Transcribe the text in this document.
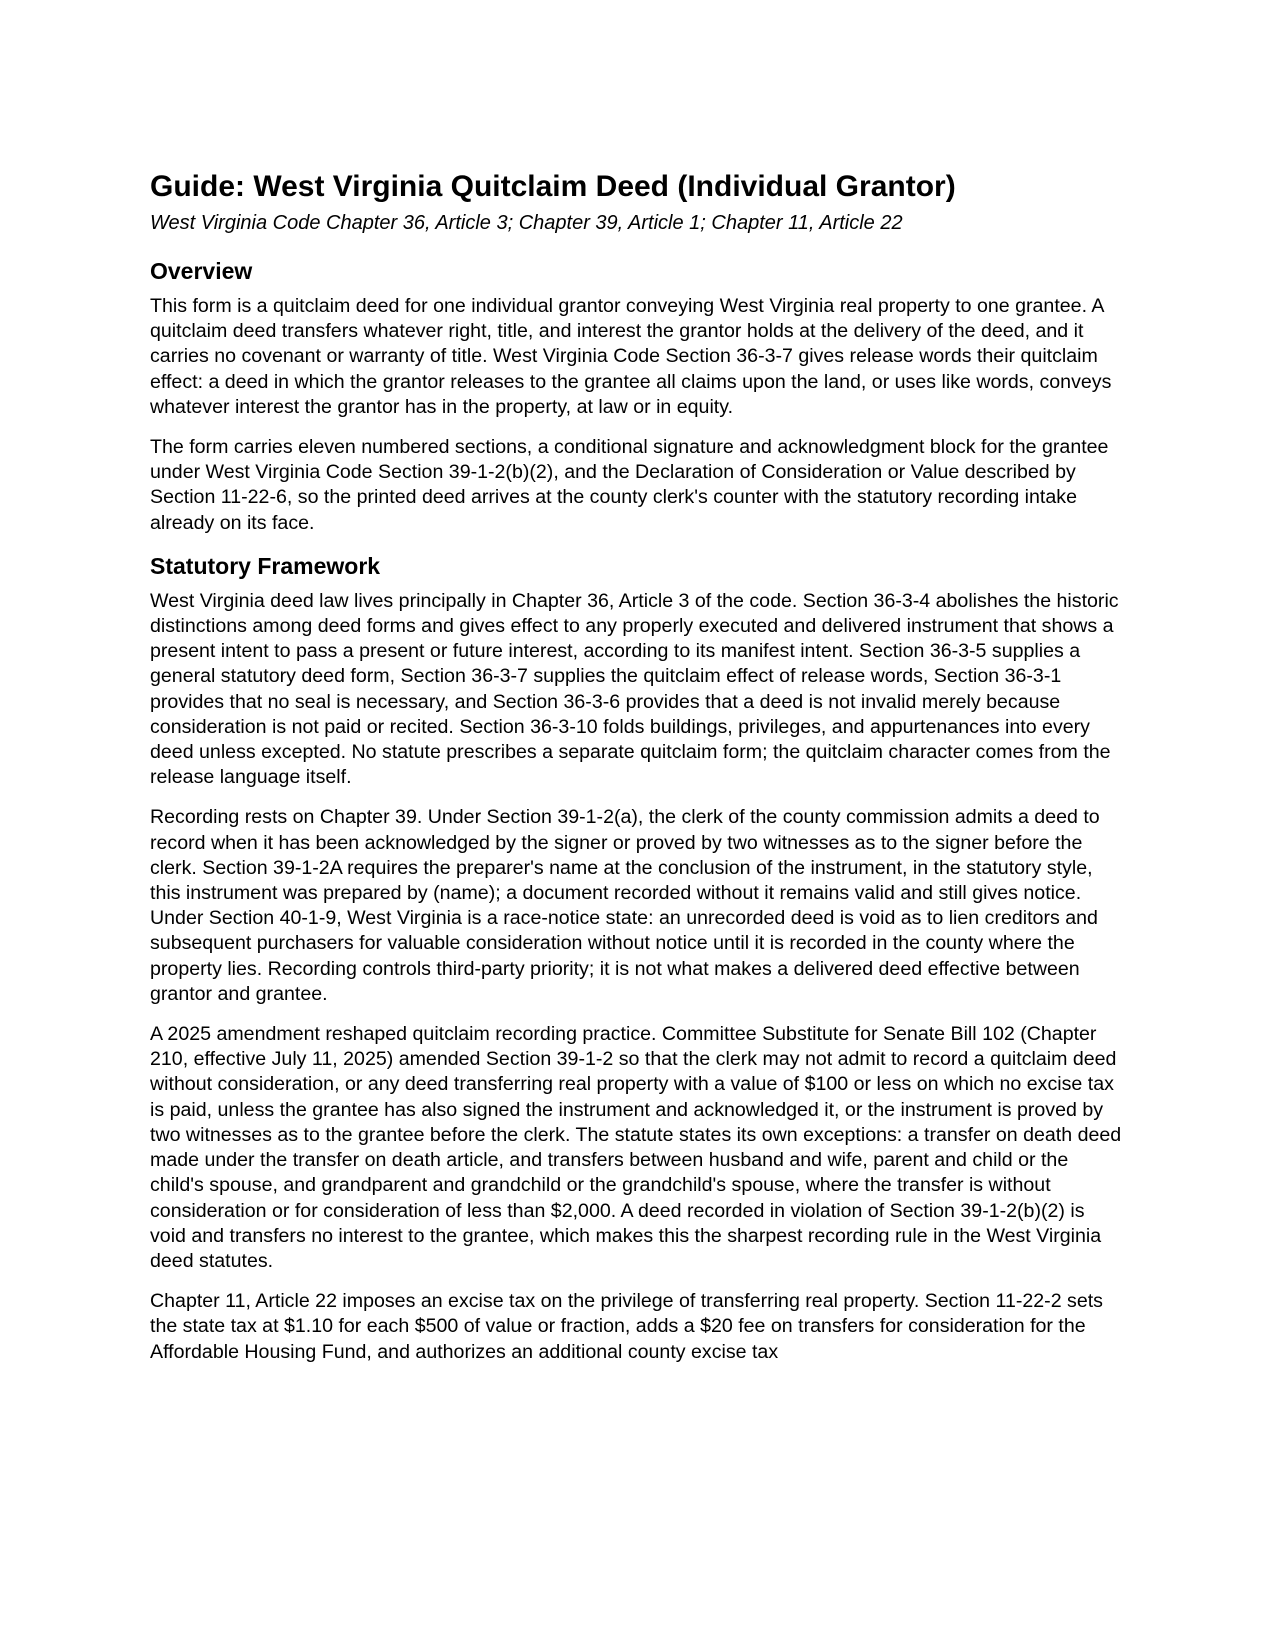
Guide: West Virginia Quitclaim Deed (Individual Grantor)
West Virginia Code Chapter 36, Article 3; Chapter 39, Article 1; Chapter 11, Article 22
Overview

This form is a quitclaim deed for one individual grantor conveying West Virginia real property to one grantee. A quitclaim deed transfers whatever right, title, and interest the grantor holds at the delivery of the deed, and it carries no covenant or warranty of title. West Virginia Code Section 36-3-7 gives release words their quitclaim effect: a deed in which the grantor releases to the grantee all claims upon the land, or uses like words, conveys whatever interest the grantor has in the property, at law or in equity.

The form carries eleven numbered sections, a conditional signature and acknowledgment block for the grantee under West Virginia Code Section 39-1-2(b)(2), and the Declaration of Consideration or Value described by Section 11-22-6, so the printed deed arrives at the county clerk's counter with the statutory recording intake already on its face.

Statutory Framework

West Virginia deed law lives principally in Chapter 36, Article 3 of the code. Section 36-3-4 abolishes the historic distinctions among deed forms and gives effect to any properly executed and delivered instrument that shows a present intent to pass a present or future interest, according to its manifest intent. Section 36-3-5 supplies a general statutory deed form, Section 36-3-7 supplies the quitclaim effect of release words, Section 36-3-1 provides that no seal is necessary, and Section 36-3-6 provides that a deed is not invalid merely because consideration is not paid or recited. Section 36-3-10 folds buildings, privileges, and appurtenances into every deed unless excepted. No statute prescribes a separate quitclaim form; the quitclaim character comes from the release language itself.

Recording rests on Chapter 39. Under Section 39-1-2(a), the clerk of the county commission admits a deed to record when it has been acknowledged by the signer or proved by two witnesses as to the signer before the clerk. Section 39-1-2A requires the preparer's name at the conclusion of the instrument, in the statutory style, this instrument was prepared by (name); a document recorded without it remains valid and still gives notice. Under Section 40-1-9, West Virginia is a race-notice state: an unrecorded deed is void as to lien creditors and subsequent purchasers for valuable consideration without notice until it is recorded in the county where the property lies. Recording controls third-party priority; it is not what makes a delivered deed effective between grantor and grantee.

A 2025 amendment reshaped quitclaim recording practice. Committee Substitute for Senate Bill 102 (Chapter 210, effective July 11, 2025) amended Section 39-1-2 so that the clerk may not admit to record a quitclaim deed without consideration, or any deed transferring real property with a value of $100 or less on which no excise tax is paid, unless the grantee has also signed the instrument and acknowledged it, or the instrument is proved by two witnesses as to the grantee before the clerk. The statute states its own exceptions: a transfer on death deed made under the transfer on death article, and transfers between husband and wife, parent and child or the child's spouse, and grandparent and grandchild or the grandchild's spouse, where the transfer is without consideration or for consideration of less than $2,000. A deed recorded in violation of Section 39-1-2(b)(2) is void and transfers no interest to the grantee, which makes this the sharpest recording rule in the West Virginia deed statutes.

Chapter 11, Article 22 imposes an excise tax on the privilege of transferring real property. Section 11-22-2 sets the state tax at $1.10 for each $500 of value or fraction, adds a $20 fee on transfers for consideration for the Affordable Housing Fund, and authorizes an additional county excise tax
